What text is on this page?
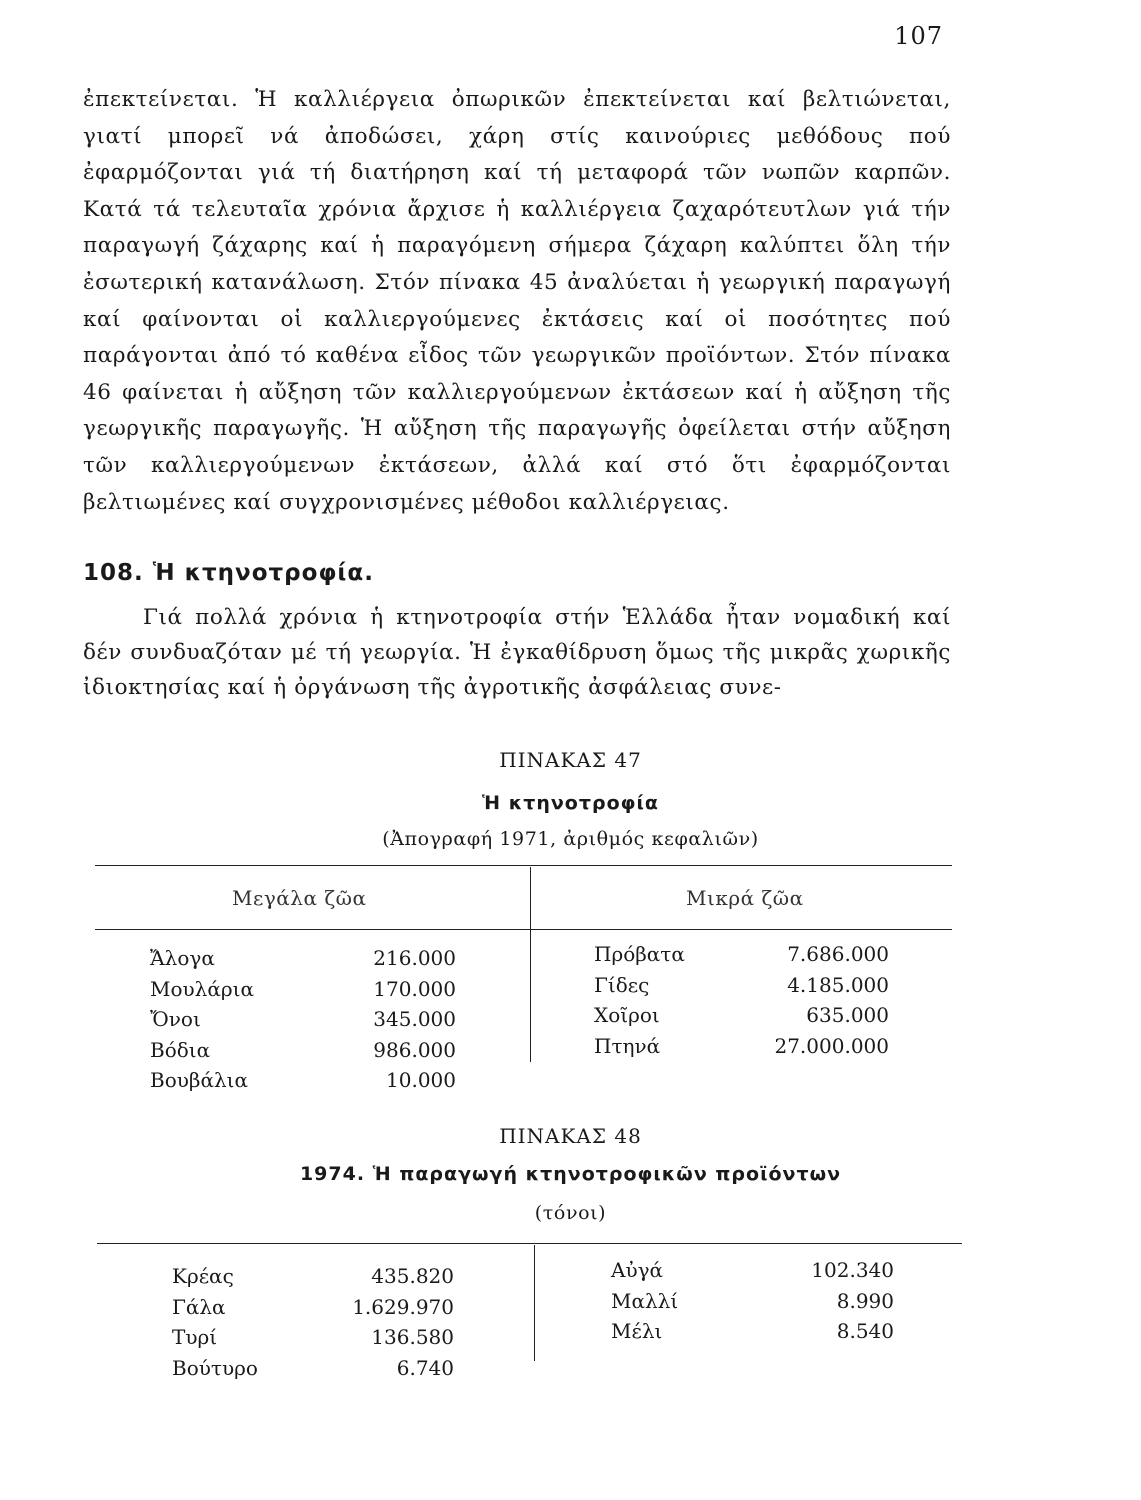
107

ἐπεκτείνεται. Ἡ καλλιέργεια ὀπωρικῶν ἐπεκτείνεται καί βελτιώνεται, γιατί μπορεῖ νά ἀποδώσει, χάρη στίς καινούριες μεθόδους πού ἐφαρμόζονται γιά τή διατήρηση καί τή μεταφορά τῶν νωπῶν καρπῶν. Κατά τά τελευταῖα χρόνια ἄρχισε ἡ καλλιέργεια ζαχαρότευτλων γιά τήν παραγωγή ζάχαρης καί ἡ παραγόμενη σήμερα ζάχαρη καλύπτει ὅλη τήν ἐσωτερική κατανάλωση. Στόν πίνακα 45 ἀναλύεται ἡ γεωργική παραγωγή καί φαίνονται οἱ καλλιεργούμενες ἐκτάσεις καί οἱ ποσότητες πού παράγονται ἀπό τό καθένα εἶδος τῶν γεωργικῶν προϊόντων. Στόν πίνακα 46 φαίνεται ἡ αὔξηση τῶν καλλιεργούμενων ἐκτάσεων καί ἡ αὔξηση τῆς γεωργικῆς παραγωγῆς. Ἡ αὔξηση τῆς παραγωγῆς ὀφείλεται στήν αὔξηση τῶν καλλιεργούμενων ἐκτάσεων, ἀλλά καί στό ὅτι ἐφαρμόζονται βελτιωμένες καί συγχρονισμένες μέθοδοι καλλιέργειας.

108. Ἡ κτηνοτροφία.

Γιά πολλά χρόνια ἡ κτηνοτροφία στήν Ἑλλάδα ἦταν νομαδική καί δέν συνδυαζόταν μέ τή γεωργία. Ἡ ἐγκαθίδρυση ὅμως τῆς μικρᾶς χωρικῆς ἰδιοκτησίας καί ἡ ὀργάνωση τῆς ἀγροτικῆς ἀσφάλειας συνε-

ΠΙΝΑΚΑΣ 47
Ἡ κτηνοτροφία
(Ἀπογραφή 1971, ἀριθμός κεφαλιῶν)
Μεγάλα ζῶα	Μικρά ζῶα
Ἄλογα	216.000
Μουλάρια	170.000
Ὄνοι	345.000
Βόδια	986.000
Βουβάλια	10.000
Πρόβατα	7.686.000
Γίδες	4.185.000
Χοῖροι	635.000
Πτηνά	27.000.000
ΠΙΝΑΚΑΣ 48
1974. Ἡ παραγωγή κτηνοτροφικῶν προϊόντων
(τόνοι)
Κρέας	435.820
Γάλα	1.629.970
Τυρί	136.580
Βούτυρο	6.740
Αὐγά	102.340
Μαλλί	8.990
Μέλι	8.540
